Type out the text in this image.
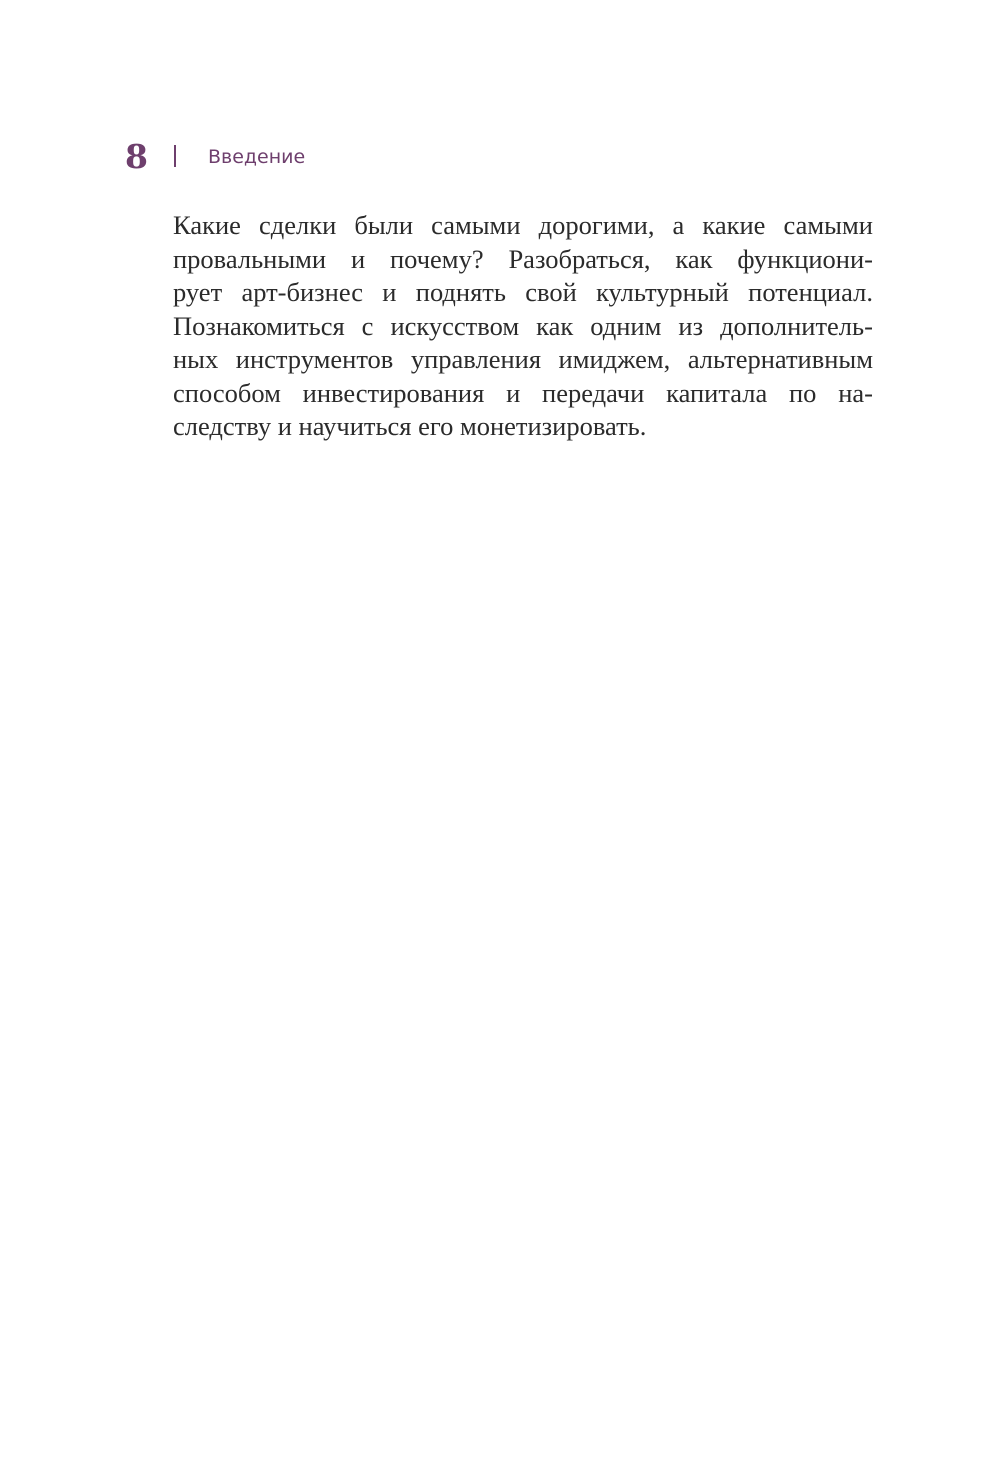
8	Введение
Какие сделки были самыми дорогими, а какие самыми
провальными и почему? Разобраться, как функциони-
рует арт-бизнес и поднять свой культурный потенциал.
Познакомиться с искусством как одним из дополнитель-
ных инструментов управления имиджем, альтернативным
способом инвестирования и передачи капитала по на-
следству и научиться его монетизировать.
